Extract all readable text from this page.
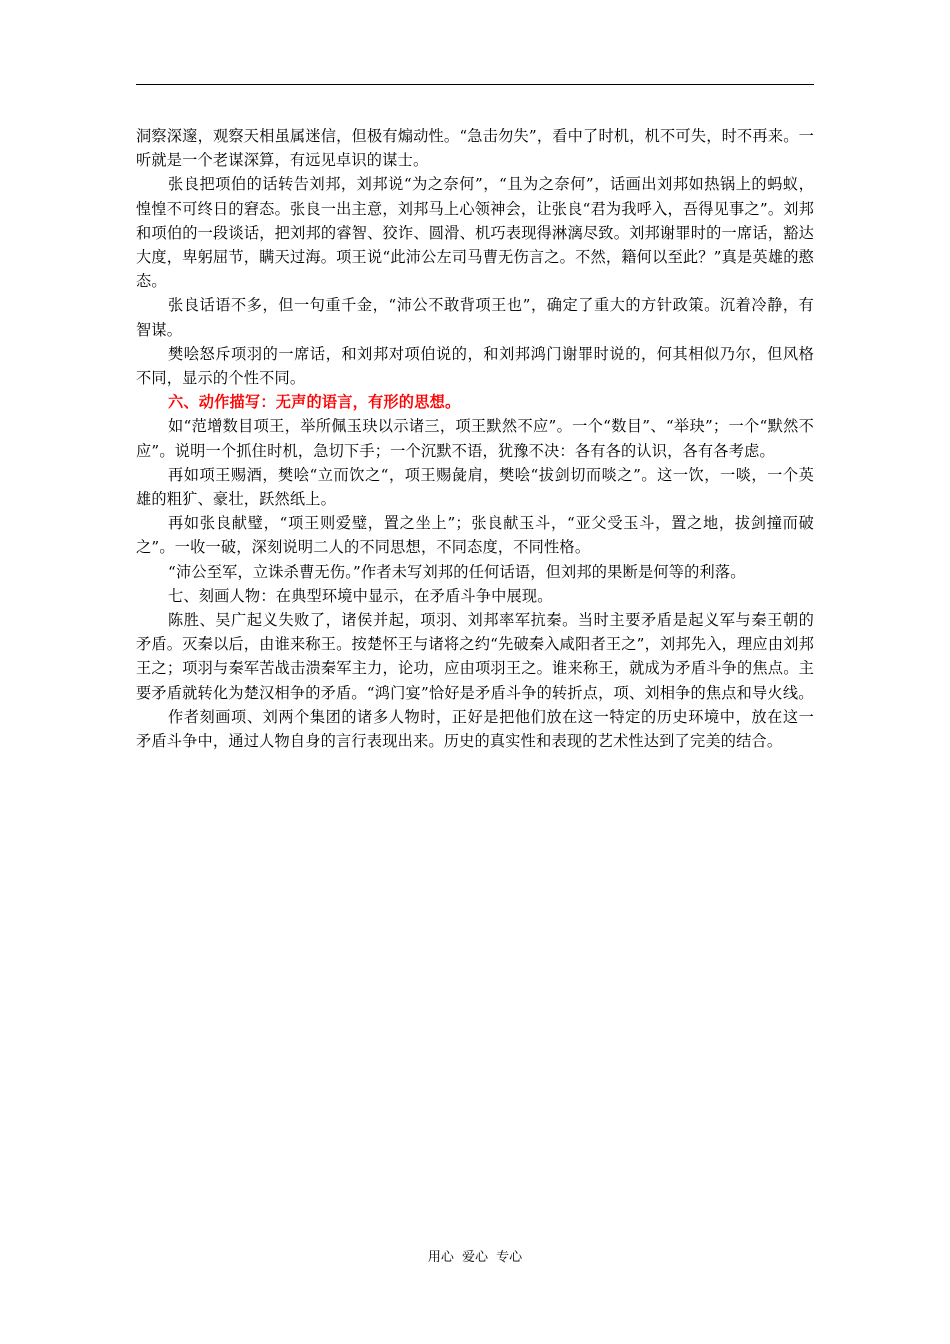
洞察深邃，观察天相虽属迷信，但极有煽动性。“急击勿失”，看中了时机，机不可失，时不再来。一听就是一个老谋深算，有远见卓识的谋士。

张良把项伯的话转告刘邦，刘邦说“为之奈何”，“且为之奈何”，话画出刘邦如热锅上的蚂蚁，惶惶不可终日的窘态。张良一出主意，刘邦马上心领神会，让张良“君为我呼入，吾得见事之”。刘邦和项伯的一段谈话，把刘邦的睿智、狡诈、圆滑、机巧表现得淋漓尽致。刘邦谢罪时的一席话，豁达大度，卑躬屈节，瞒天过海。项王说“此沛公左司马曹无伤言之。不然，籍何以至此？”真是英雄的憨态。

张良话语不多，但一句重千金，“沛公不敢背项王也”，确定了重大的方针政策。沉着冷静，有智谋。

樊哙怒斥项羽的一席话，和刘邦对项伯说的，和刘邦鸿门谢罪时说的，何其相似乃尔，但风格不同，显示的个性不同。

六、动作描写：无声的语言，有形的思想。

如“范增数目项王，举所佩玉玦以示诸三，项王默然不应”。一个“数目”、“举玦”；一个“默然不应”。说明一个抓住时机，急切下手；一个沉默不语，犹豫不决：各有各的认识，各有各考虑。

再如项王赐酒，樊哙“立而饮之“，项王赐彘肩，樊哙“拔剑切而啖之”。这一饮，一啖，一个英雄的粗犷、豪壮，跃然纸上。

再如张良献璧，“项王则爱璧，置之坐上”；张良献玉斗，“亚父受玉斗，置之地，拔剑撞而破之”。一收一破，深刻说明二人的不同思想，不同态度，不同性格。

“沛公至军，立诛杀曹无伤。”作者未写刘邦的任何话语，但刘邦的果断是何等的利落。

七、刻画人物：在典型环境中显示，在矛盾斗争中展现。

陈胜、吴广起义失败了，诸侯并起，项羽、刘邦率军抗秦。当时主要矛盾是起义军与秦王朝的矛盾。灭秦以后，由谁来称王。按楚怀王与诸将之约“先破秦入咸阳者王之”，刘邦先入，理应由刘邦王之；项羽与秦军苦战击溃秦军主力，论功，应由项羽王之。谁来称王，就成为矛盾斗争的焦点。主要矛盾就转化为楚汉相争的矛盾。“鸿门宴”恰好是矛盾斗争的转折点，项、刘相争的焦点和导火线。

作者刻画项、刘两个集团的诸多人物时，正好是把他们放在这一特定的历史环境中，放在这一矛盾斗争中，通过人物自身的言行表现出来。历史的真实性和表现的艺术性达到了完美的结合。

用心 爱心 专心
